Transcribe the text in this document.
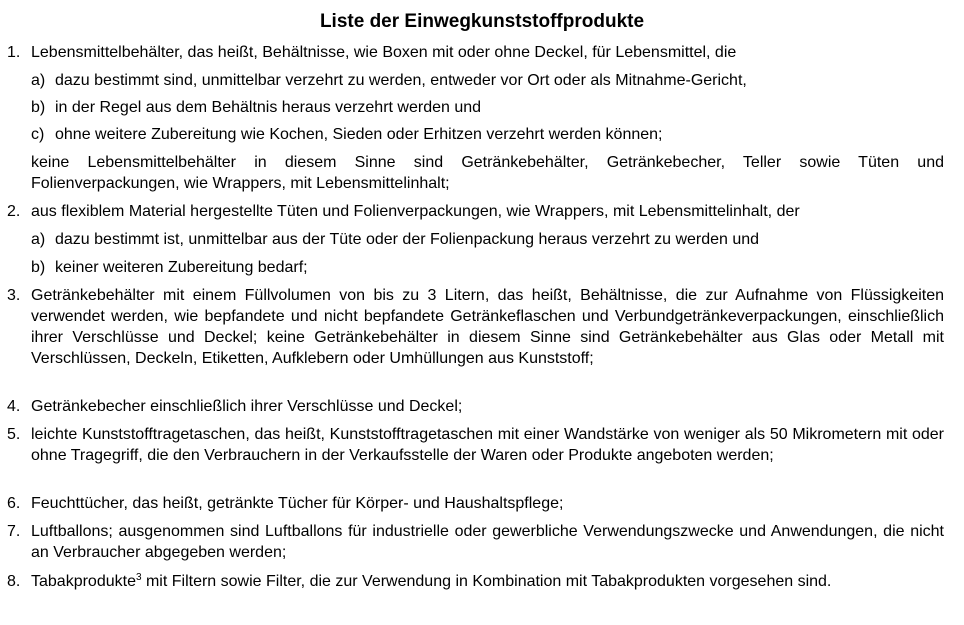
Liste der Einwegkunststoffprodukte
1. Lebensmittelbehälter, das heißt, Behältnisse, wie Boxen mit oder ohne Deckel, für Lebensmittel, die

a) dazu bestimmt sind, unmittelbar verzehrt zu werden, entweder vor Ort oder als Mitnahme-Gericht,
b) in der Regel aus dem Behältnis heraus verzehrt werden und
c) ohne weitere Zubereitung wie Kochen, Sieden oder Erhitzen verzehrt werden können;

keine Lebensmittelbehälter in diesem Sinne sind Getränkebehälter, Getränkebecher, Teller sowie Tüten und Folienverpackungen, wie Wrappers, mit Lebensmittelinhalt;

2. aus flexiblem Material hergestellte Tüten und Folienverpackungen, wie Wrappers, mit Lebensmittelinhalt, der

a) dazu bestimmt ist, unmittelbar aus der Tüte oder der Folienpackung heraus verzehrt zu werden und
b) keiner weiteren Zubereitung bedarf;
3. Getränkebehälter mit einem Füllvolumen von bis zu 3 Litern, das heißt, Behältnisse, die zur Aufnahme von Flüssigkeiten verwendet werden, wie bepfandete und nicht bepfandete Getränkeflaschen und Verbundgetränkeverpackungen, einschließlich ihrer Verschlüsse und Deckel; keine Getränkebehälter in diesem Sinne sind Getränkebehälter aus Glas oder Metall mit Verschlüssen, Deckeln, Etiketten, Aufklebern oder Umhüllungen aus Kunststoff;

4. Getränkebecher einschließlich ihrer Verschlüsse und Deckel;

5. leichte Kunststofftragetaschen, das heißt, Kunststofftragetaschen mit einer Wandstärke von weniger als 50 Mikrometern mit oder ohne Tragegriff, die den Verbrauchern in der Verkaufsstelle der Waren oder Produkte angeboten werden;

6. Feuchttücher, das heißt, getränkte Tücher für Körper- und Haushaltspflege;

7. Luftballons; ausgenommen sind Luftballons für industrielle oder gewerbliche Verwendungszwecke und Anwendungen, die nicht an Verbraucher abgegeben werden;

8. Tabakprodukte$^3$ mit Filtern sowie Filter, die zur Verwendung in Kombination mit Tabakprodukten vorgesehen sind.
